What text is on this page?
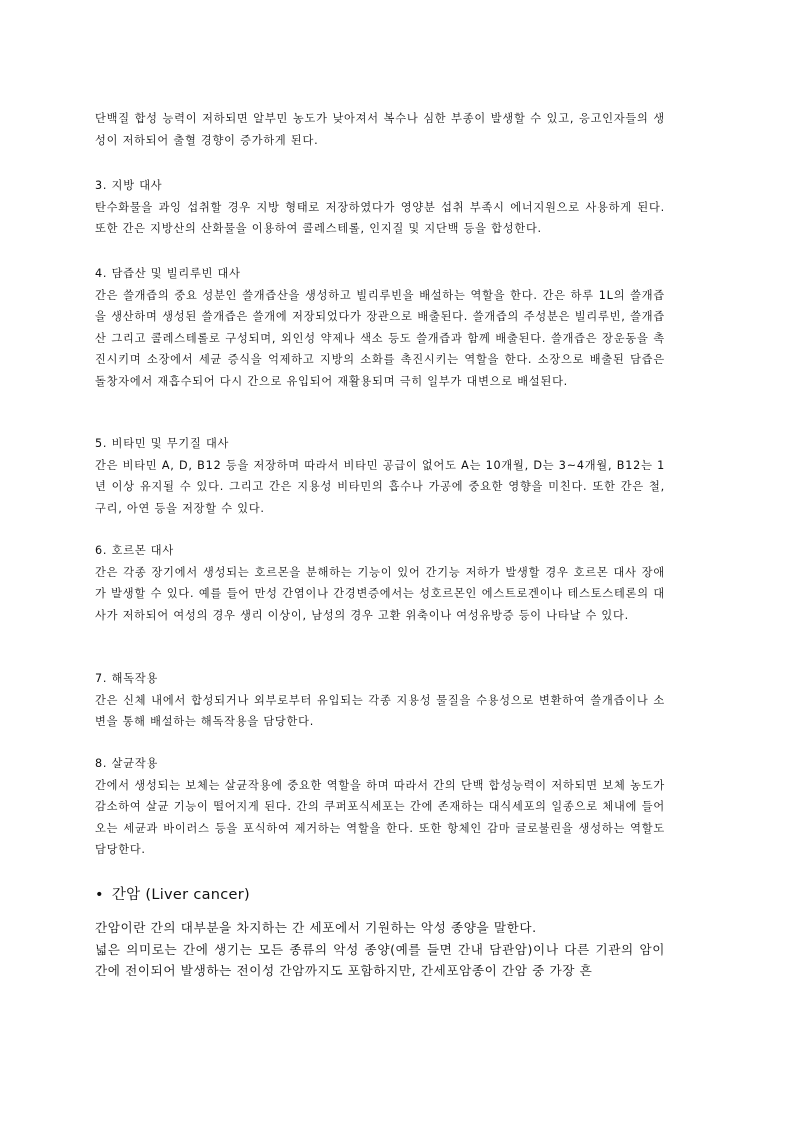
단백질 합성 능력이 저하되면 알부민 농도가 낮아져서 복수나 심한 부종이 발생할 수 있고, 응고인자들의 생성이 저하되어 출혈 경향이 증가하게 된다.

3. 지방 대사

탄수화물을 과잉 섭취할 경우 지방 형태로 저장하였다가 영양분 섭취 부족시 에너지원으로 사용하게 된다. 또한 간은 지방산의 산화물을 이용하여 콜레스테롤, 인지질 및 지단백 등을 합성한다.

4. 담즙산 및 빌리루빈 대사

간은 쓸개즙의 중요 성분인 쓸개즙산을 생성하고 빌리루빈을 배설하는 역할을 한다. 간은 하루 1L의 쓸개즙을 생산하며 생성된 쓸개즙은 쓸개에 저장되었다가 장관으로 배출된다. 쓸개즙의 주성분은 빌리루빈, 쓸개즙산 그리고 콜레스테롤로 구성되며, 외인성 약제나 색소 등도 쓸개즙과 함께 배출된다. 쓸개즙은 장운동을 촉진시키며 소장에서 세균 증식을 억제하고 지방의 소화를 촉진시키는 역할을 한다. 소장으로 배출된 담즙은 돌창자에서 재흡수되어 다시 간으로 유입되어 재활용되며 극히 일부가 대변으로 배설된다.

5. 비타민 및 무기질 대사

간은 비타민 A, D, B12 등을 저장하며 따라서 비타민 공급이 없어도 A는 10개월, D는 3~4개월, B12는 1년 이상 유지될 수 있다. 그리고 간은 지용성 비타민의 흡수나 가공에 중요한 영향을 미친다. 또한 간은 철, 구리, 아연 등을 저장할 수 있다.

6. 호르몬 대사

간은 각종 장기에서 생성되는 호르몬을 분해하는 기능이 있어 간기능 저하가 발생할 경우 호르몬 대사 장애가 발생할 수 있다. 예를 들어 만성 간염이나 간경변증에서는 성호르몬인 에스트로겐이나 테스토스테론의 대사가 저하되어 여성의 경우 생리 이상이, 남성의 경우 고환 위축이나 여성유방증 등이 나타날 수 있다.

7. 해독작용

간은 신체 내에서 합성되거나 외부로부터 유입되는 각종 지용성 물질을 수용성으로 변환하여 쓸개즙이나 소변을 통해 배설하는 해독작용을 담당한다.

8. 살균작용

간에서 생성되는 보체는 살균작용에 중요한 역할을 하며 따라서 간의 단백 합성능력이 저하되면 보체 농도가 감소하여 살균 기능이 떨어지게 된다. 간의 쿠퍼포식세포는 간에 존재하는 대식세포의 일종으로 체내에 들어오는 세균과 바이러스 등을 포식하여 제거하는 역할을 한다. 또한 항체인 감마 글로불린을 생성하는 역할도 담당한다.

• 간암 (Liver cancer)

간암이란 간의 대부분을 차지하는 간 세포에서 기원하는 악성 종양을 말한다.

넓은 의미로는 간에 생기는 모든 종류의 악성 종양(예를 들면 간내 담관암)이나 다른 기관의 암이 간에 전이되어 발생하는 전이성 간암까지도 포함하지만, 간세포암종이 간암 중 가장 흔
